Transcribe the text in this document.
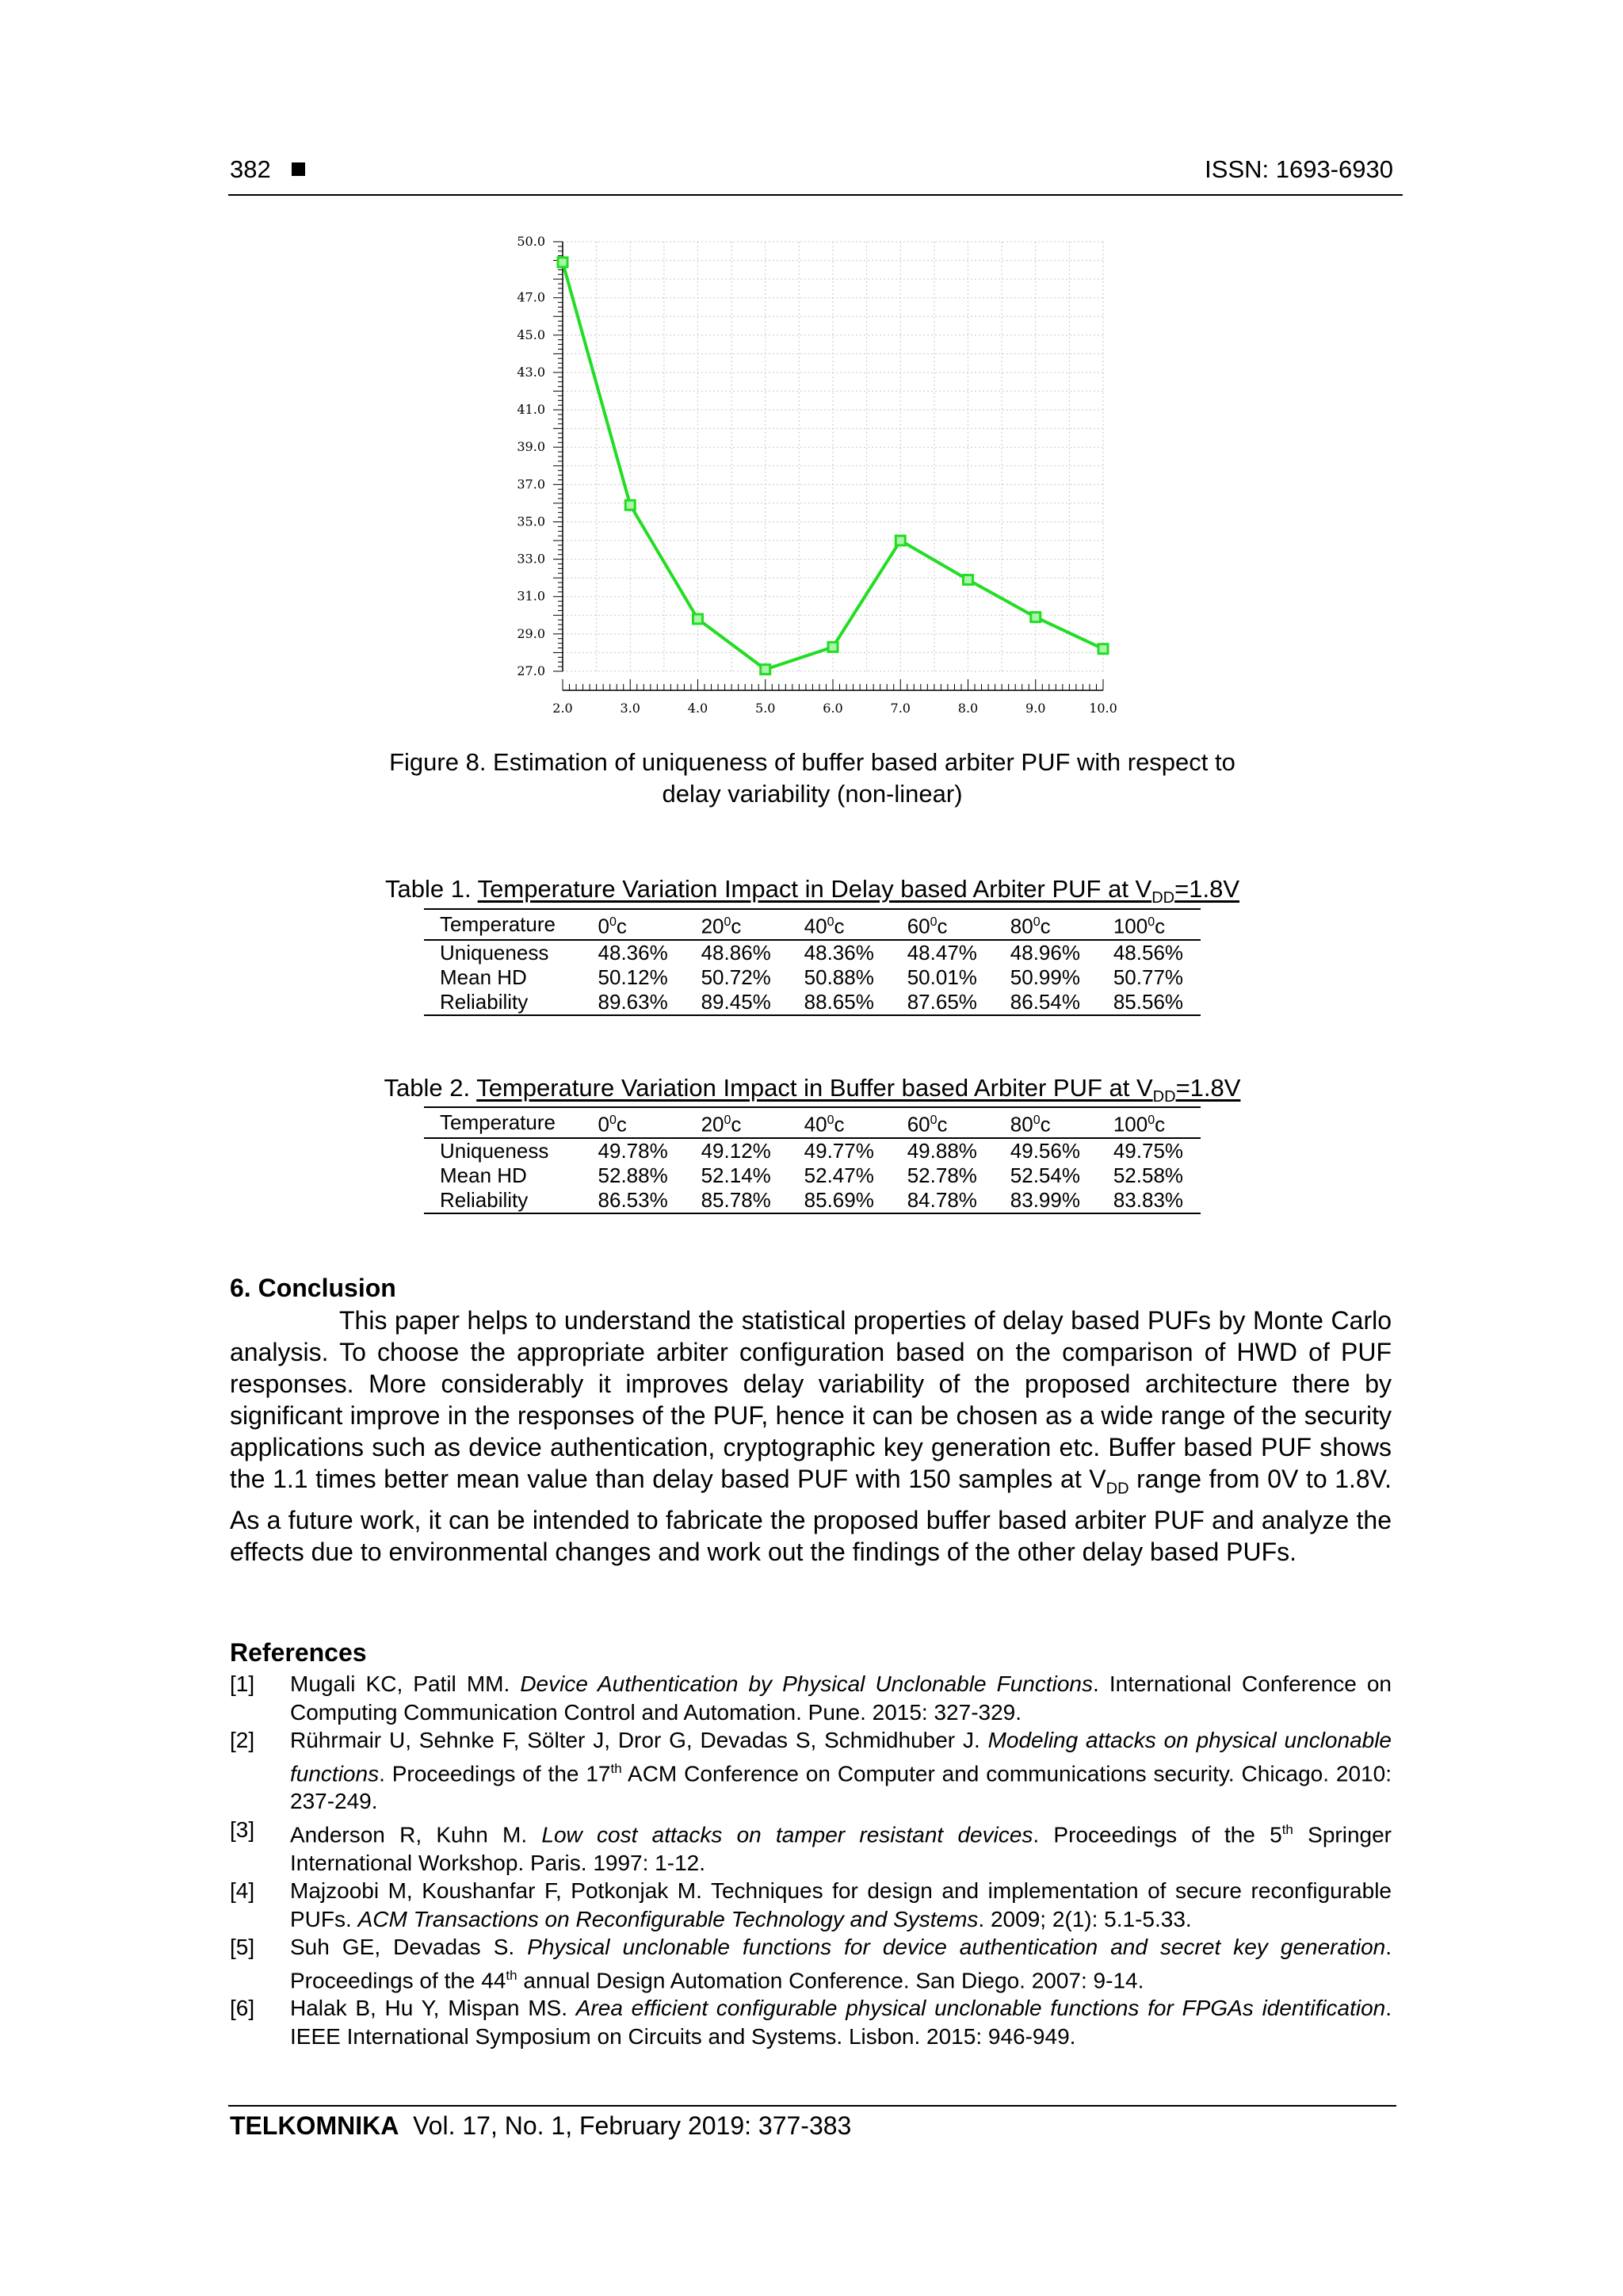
382	ISSN: 1693-6930
50.0
47.0
45.0
43.0
41.0
39.0
37.0
35.0
33.0
31.0
29.0
27.0
2.0	3.0	4.0	5.0	6.0	7.0	8.0	9.0	10.0
Figure 8. Estimation of uniqueness of buffer based arbiter PUF with respect to
delay variability (non-linear)
Table 1. Temperature Variation Impact in Delay based Arbiter PUF at $V_{DD}=1.8V$
Temperature	$0^0c$	$20^0c$	$40^0c$	$60^0c$	$80^0c$	$100^0c$
Uniqueness	48.36%	48.86%	48.36%	48.47%	48.96%	48.56%
Mean HD	50.12%	50.72%	50.88%	50.01%	50.99%	50.77%
Reliability	89.63%	89.45%	88.65%	87.65%	86.54%	85.56%
Table 2. Temperature Variation Impact in Buffer based Arbiter PUF at $V_{DD}=1.8V$
Temperature	$0^0c$	$20^0c$	$40^0c$	$60^0c$	$80^0c$	$100^0c$
Uniqueness	49.78%	49.12%	49.77%	49.88%	49.56%	49.75%
Mean HD	52.88%	52.14%	52.47%	52.78%	52.54%	52.58%
Reliability	86.53%	85.78%	85.69%	84.78%	83.99%	83.83%
6. Conclusion
This paper helps to understand the statistical properties of delay based PUFs by Monte Carlo analysis. To choose the appropriate arbiter configuration based on the comparison of HWD of PUF responses. More considerably it improves delay variability of the proposed architecture there by significant improve in the responses of the PUF, hence it can be chosen as a wide range of the security applications such as device authentication, cryptographic key generation etc. Buffer based PUF shows the 1.1 times better mean value than delay based PUF with 150 samples at $V_{DD}$ range from 0V to 1.8V. As a future work, it can be intended to fabricate the proposed buffer based arbiter PUF and analyze the effects due to environmental changes and work out the findings of the other delay based PUFs.
References
[1]	Mugali KC, Patil MM. Device Authentication by Physical Unclonable Functions. International Conference on Computing Communication Control and Automation. Pune. 2015: 327-329.
[2]	Rührmair U, Sehnke F, Sölter J, Dror G, Devadas S, Schmidhuber J. Modeling attacks on physical unclonable functions. Proceedings of the 17th ACM Conference on Computer and communications security. Chicago. 2010: 237-249.
[3]	Anderson R, Kuhn M. Low cost attacks on tamper resistant devices. Proceedings of the 5th Springer International Workshop. Paris. 1997: 1-12.
[4]	Majzoobi M, Koushanfar F, Potkonjak M. Techniques for design and implementation of secure reconfigurable PUFs. ACM Transactions on Reconfigurable Technology and Systems. 2009; 2(1): 5.1-5.33.
[5]	Suh GE, Devadas S. Physical unclonable functions for device authentication and secret key generation. Proceedings of the 44th annual Design Automation Conference. San Diego. 2007: 9-14.
[6]	Halak B, Hu Y, Mispan MS. Area efficient configurable physical unclonable functions for FPGAs identification. IEEE International Symposium on Circuits and Systems. Lisbon. 2015: 946-949.
TELKOMNIKA Vol. 17, No. 1, February 2019: 377-383
